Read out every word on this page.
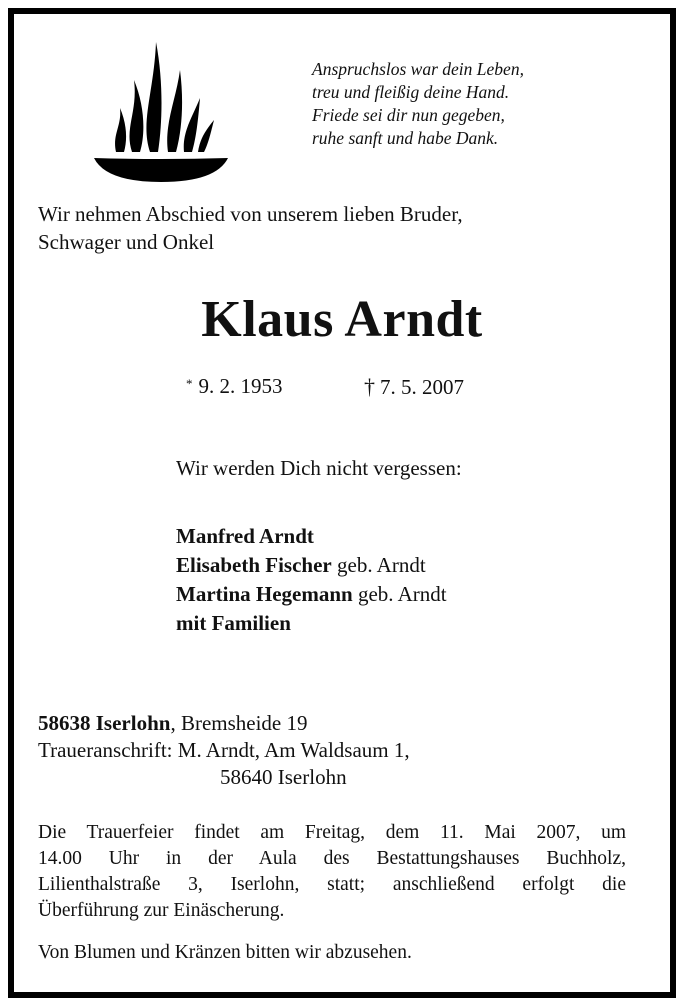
Anspruchslos war dein Leben,
treu und fleißig deine Hand.
Friede sei dir nun gegeben,
ruhe sanft und habe Dank.
Wir nehmen Abschied von unserem lieben Bruder,
Schwager und Onkel
Klaus Arndt
* 9. 2. 1953	† 7. 5. 2007
Wir werden Dich nicht vergessen:
Manfred Arndt
Elisabeth Fischer geb. Arndt
Martina Hegemann geb. Arndt
mit Familien
58638 Iserlohn, Bremsheide 19
Traueranschrift: M. Arndt, Am Waldsaum 1,
58640 Iserlohn
Die Trauerfeier findet am Freitag, dem 11. Mai 2007, um
14.00 Uhr in der Aula des Bestattungshauses Buchholz,
Lilienthalstraße 3, Iserlohn, statt; anschließend erfolgt die
Überführung zur Einäscherung.
Von Blumen und Kränzen bitten wir abzusehen.
